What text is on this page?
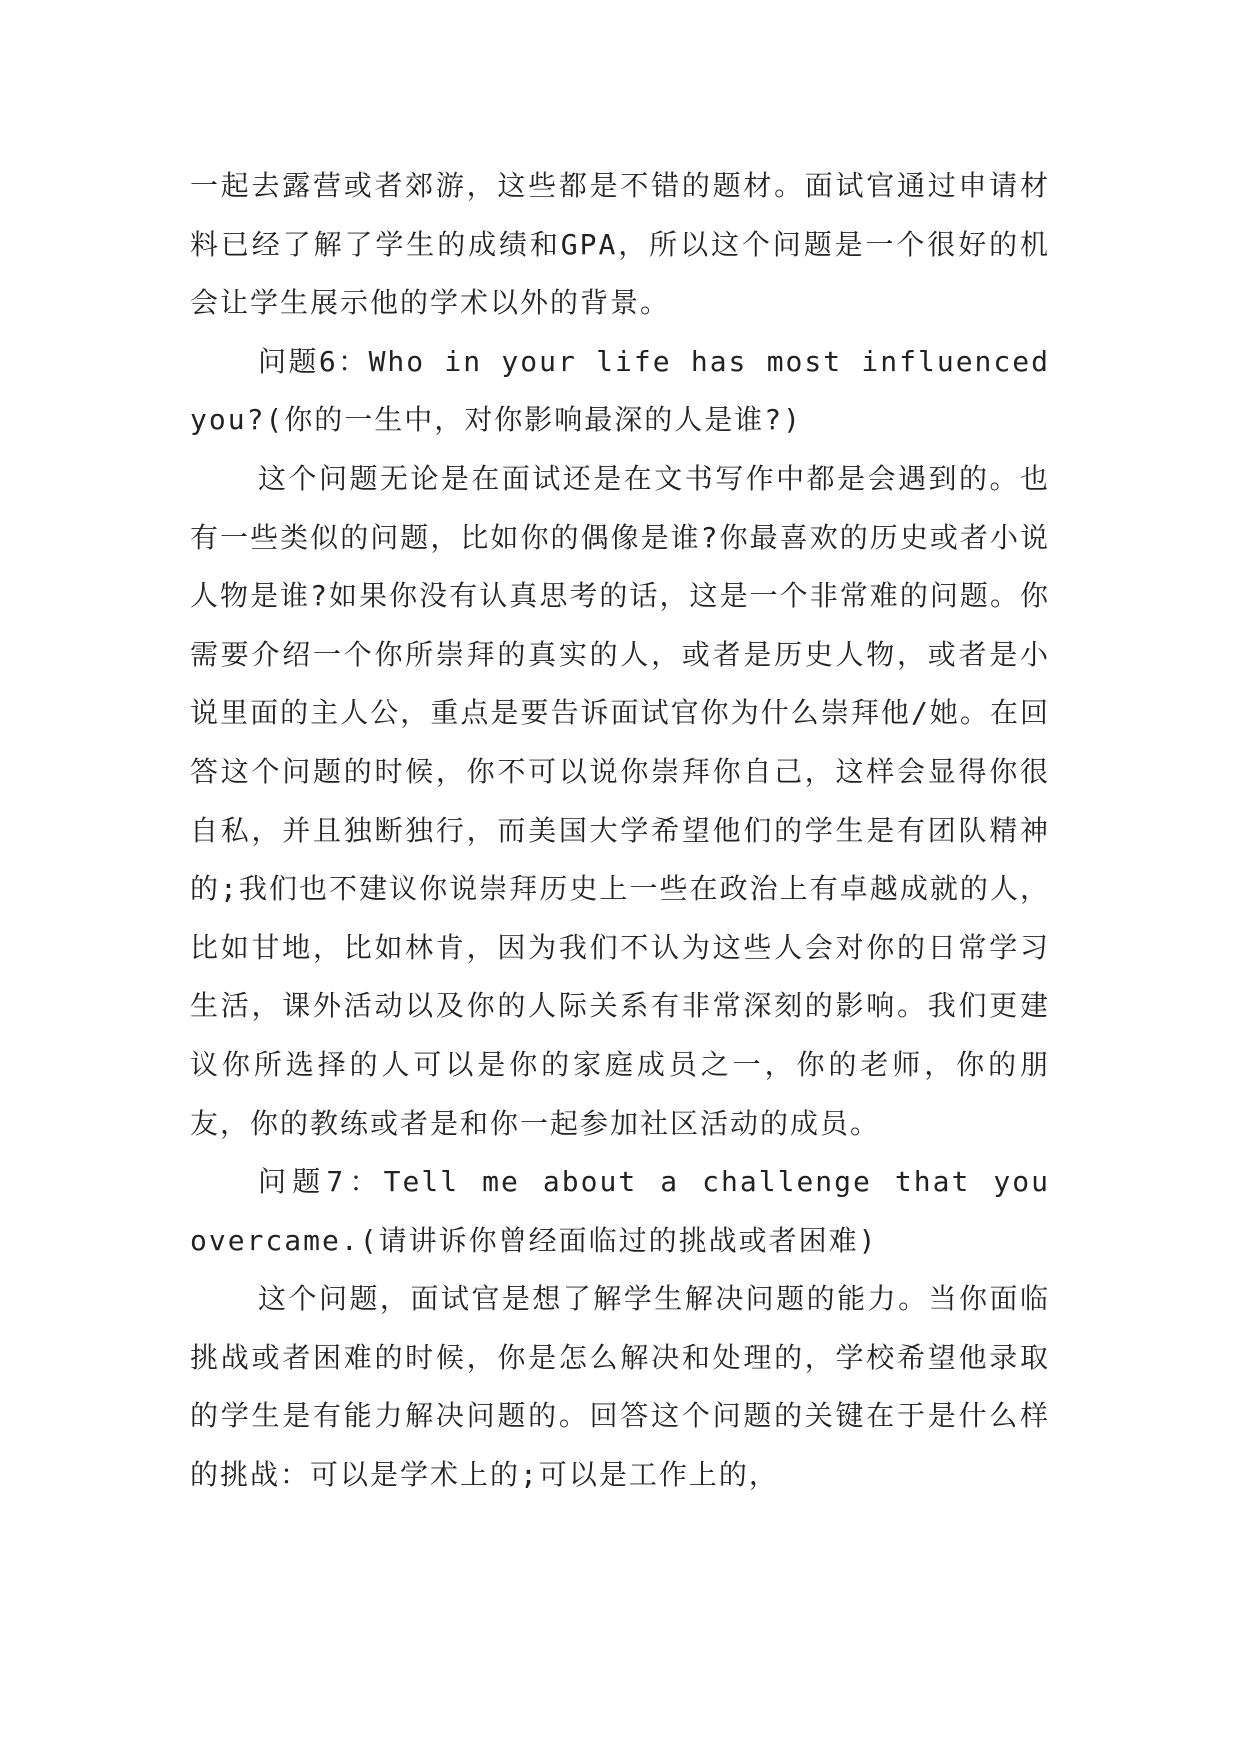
一起去露营或者郊游，这些都是不错的题材。面试官通过申请材料已经了解了学生的成绩和GPA，所以这个问题是一个很好的机会让学生展示他的学术以外的背景。

问题6：Who in your life has most influenced you?(你的一生中，对你影响最深的人是谁?)

这个问题无论是在面试还是在文书写作中都是会遇到的。也有一些类似的问题，比如你的偶像是谁?你最喜欢的历史或者小说人物是谁?如果你没有认真思考的话，这是一个非常难的问题。你需要介绍一个你所崇拜的真实的人，或者是历史人物，或者是小说里面的主人公，重点是要告诉面试官你为什么崇拜他/她。在回答这个问题的时候，你不可以说你崇拜你自己，这样会显得你很自私，并且独断独行，而美国大学希望他们的学生是有团队精神的;我们也不建议你说崇拜历史上一些在政治上有卓越成就的人，比如甘地，比如林肯，因为我们不认为这些人会对你的日常学习生活，课外活动以及你的人际关系有非常深刻的影响。我们更建议你所选择的人可以是你的家庭成员之一，你的老师，你的朋友，你的教练或者是和你一起参加社区活动的成员。

问题7：Tell me about a challenge that you overcame.(请讲诉你曾经面临过的挑战或者困难)

这个问题，面试官是想了解学生解决问题的能力。当你面临挑战或者困难的时候，你是怎么解决和处理的，学校希望他录取的学生是有能力解决问题的。回答这个问题的关键在于是什么样的挑战：可以是学术上的;可以是工作上的，
